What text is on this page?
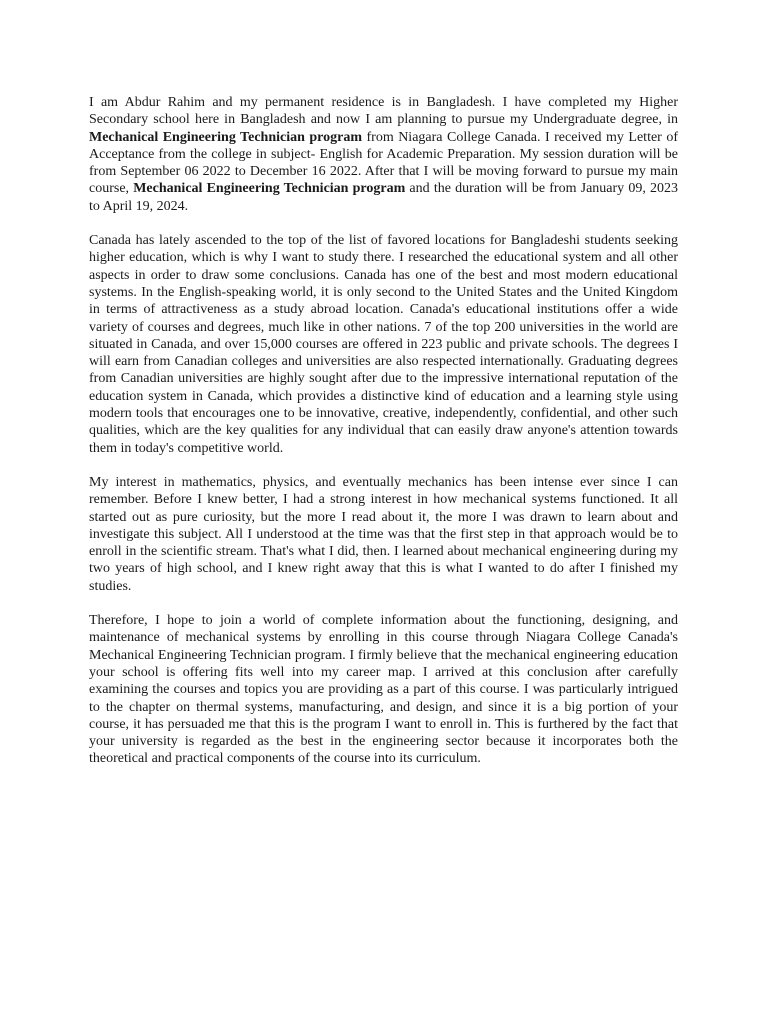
I am Abdur Rahim and my permanent residence is in Bangladesh. I have completed my Higher Secondary school here in Bangladesh and now I am planning to pursue my Undergraduate degree, in Mechanical Engineering Technician program from Niagara College Canada. I received my Letter of Acceptance from the college in subject- English for Academic Preparation. My session duration will be from September 06 2022 to December 16 2022. After that I will be moving forward to pursue my main course, Mechanical Engineering Technician program and the duration will be from January 09, 2023 to April 19, 2024.

Canada has lately ascended to the top of the list of favored locations for Bangladeshi students seeking higher education, which is why I want to study there. I researched the educational system and all other aspects in order to draw some conclusions. Canada has one of the best and most modern educational systems. In the English-speaking world, it is only second to the United States and the United Kingdom in terms of attractiveness as a study abroad location. Canada's educational institutions offer a wide variety of courses and degrees, much like in other nations. 7 of the top 200 universities in the world are situated in Canada, and over 15,000 courses are offered in 223 public and private schools. The degrees I will earn from Canadian colleges and universities are also respected internationally. Graduating degrees from Canadian universities are highly sought after due to the impressive international reputation of the education system in Canada, which provides a distinctive kind of education and a learning style using modern tools that encourages one to be innovative, creative, independently, confidential, and other such qualities, which are the key qualities for any individual that can easily draw anyone's attention towards them in today's competitive world.

My interest in mathematics, physics, and eventually mechanics has been intense ever since I can remember. Before I knew better, I had a strong interest in how mechanical systems functioned. It all started out as pure curiosity, but the more I read about it, the more I was drawn to learn about and investigate this subject. All I understood at the time was that the first step in that approach would be to enroll in the scientific stream. That's what I did, then. I learned about mechanical engineering during my two years of high school, and I knew right away that this is what I wanted to do after I finished my studies.

Therefore, I hope to join a world of complete information about the functioning, designing, and maintenance of mechanical systems by enrolling in this course through Niagara College Canada's Mechanical Engineering Technician program. I firmly believe that the mechanical engineering education your school is offering fits well into my career map. I arrived at this conclusion after carefully examining the courses and topics you are providing as a part of this course. I was particularly intrigued to the chapter on thermal systems, manufacturing, and design, and since it is a big portion of your course, it has persuaded me that this is the program I want to enroll in. This is furthered by the fact that your university is regarded as the best in the engineering sector because it incorporates both the theoretical and practical components of the course into its curriculum.
